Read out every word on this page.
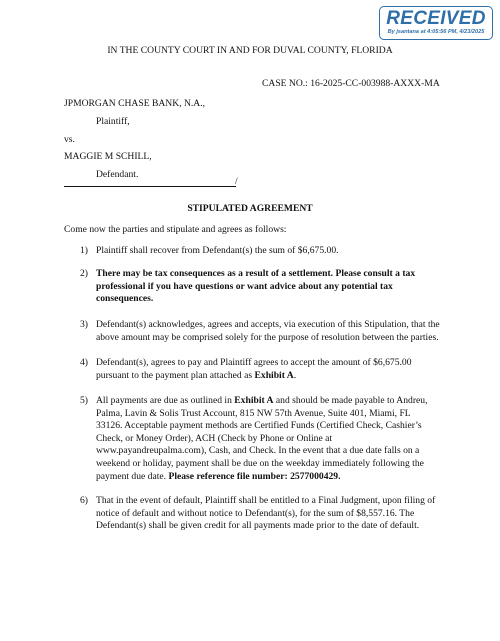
RECEIVED
By jsantana at 4:05:56 PM, 4/23/2025
IN THE COUNTY COURT IN AND FOR DUVAL COUNTY, FLORIDA
CASE NO.: 16-2025-CC-003988-AXXX-MA
JPMORGAN CHASE BANK, N.A.,
Plaintiff,
vs.
MAGGIE M SCHILL,
Defendant.
/
STIPULATED AGREEMENT
Come now the parties and stipulate and agrees as follows:
1) Plaintiff shall recover from Defendant(s) the sum of $6,675.00.
2) There may be tax consequences as a result of a settlement. Please consult a tax
professional if you have questions or want advice about any potential tax
consequences.
3) Defendant(s) acknowledges, agrees and accepts, via execution of this Stipulation, that the
above amount may be comprised solely for the purpose of resolution between the parties.
4) Defendant(s), agrees to pay and Plaintiff agrees to accept the amount of $6,675.00
pursuant to the payment plan attached as Exhibit A.
5) All payments are due as outlined in Exhibit A and should be made payable to Andreu,
Palma, Lavin & Solis Trust Account, 815 NW 57th Avenue, Suite 401, Miami, FL
33126. Acceptable payment methods are Certified Funds (Certified Check, Cashier’s
Check, or Money Order), ACH (Check by Phone or Online at
www.payandreupalma.com), Cash, and Check. In the event that a due date falls on a
weekend or holiday, payment shall be due on the weekday immediately following the
payment due date. Please reference file number: 2577000429.
6) That in the event of default, Plaintiff shall be entitled to a Final Judgment, upon filing of
notice of default and without notice to Defendant(s), for the sum of $8,557.16. The
Defendant(s) shall be given credit for all payments made prior to the date of default.
